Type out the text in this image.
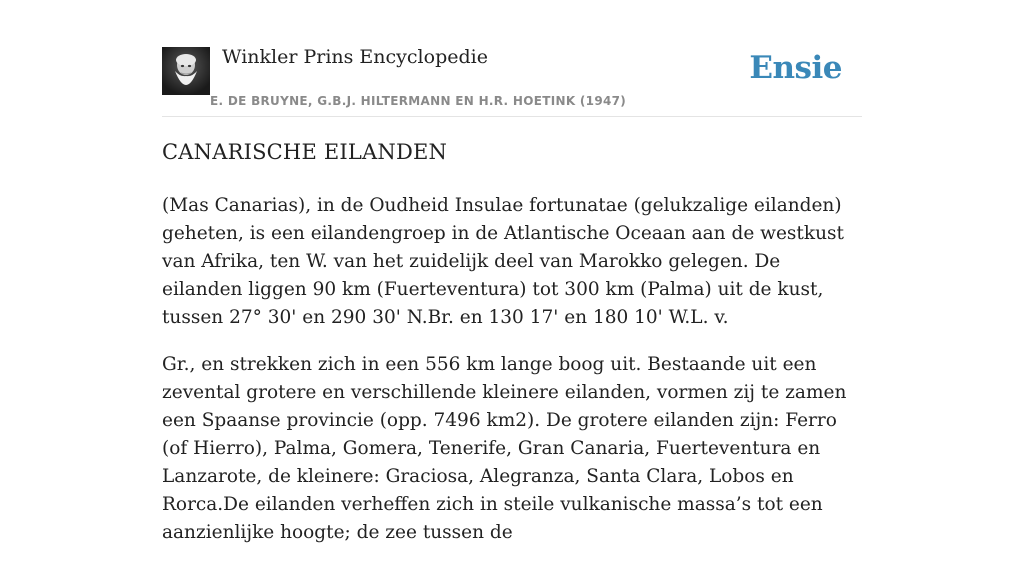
Winkler Prins Encyclopedie	Ensie
E. DE BRUYNE, G.B.J. HILTERMANN EN H.R. HOETINK (1947)
CANARISCHE EILANDEN

(Mas Canarias), in de Oudheid Insulae fortunatae (gelukzalige eilanden) geheten, is een eilandengroep in de Atlantische Oceaan aan de westkust van Afrika, ten W. van het zuidelijk deel van Marokko gelegen. De eilanden liggen 90 km (Fuerteventura) tot 300 km (Palma) uit de kust, tussen 27° 30' en 290 30' N.Br. en 130 17' en 180 10' W.L. v.

Gr., en strekken zich in een 556 km lange boog uit. Bestaande uit een zevental grotere en verschillende kleinere eilanden, vormen zij te zamen een Spaanse provincie (opp. 7496 km2). De grotere eilanden zijn: Ferro (of Hierro), Palma, Gomera, Tenerife, Gran Canaria, Fuerteventura en Lanzarote, de kleinere: Graciosa, Alegranza, Santa Clara, Lobos en Rorca.De eilanden verheffen zich in steile vulkanische massa’s tot een aanzienlijke hoogte; de zee tussen de
